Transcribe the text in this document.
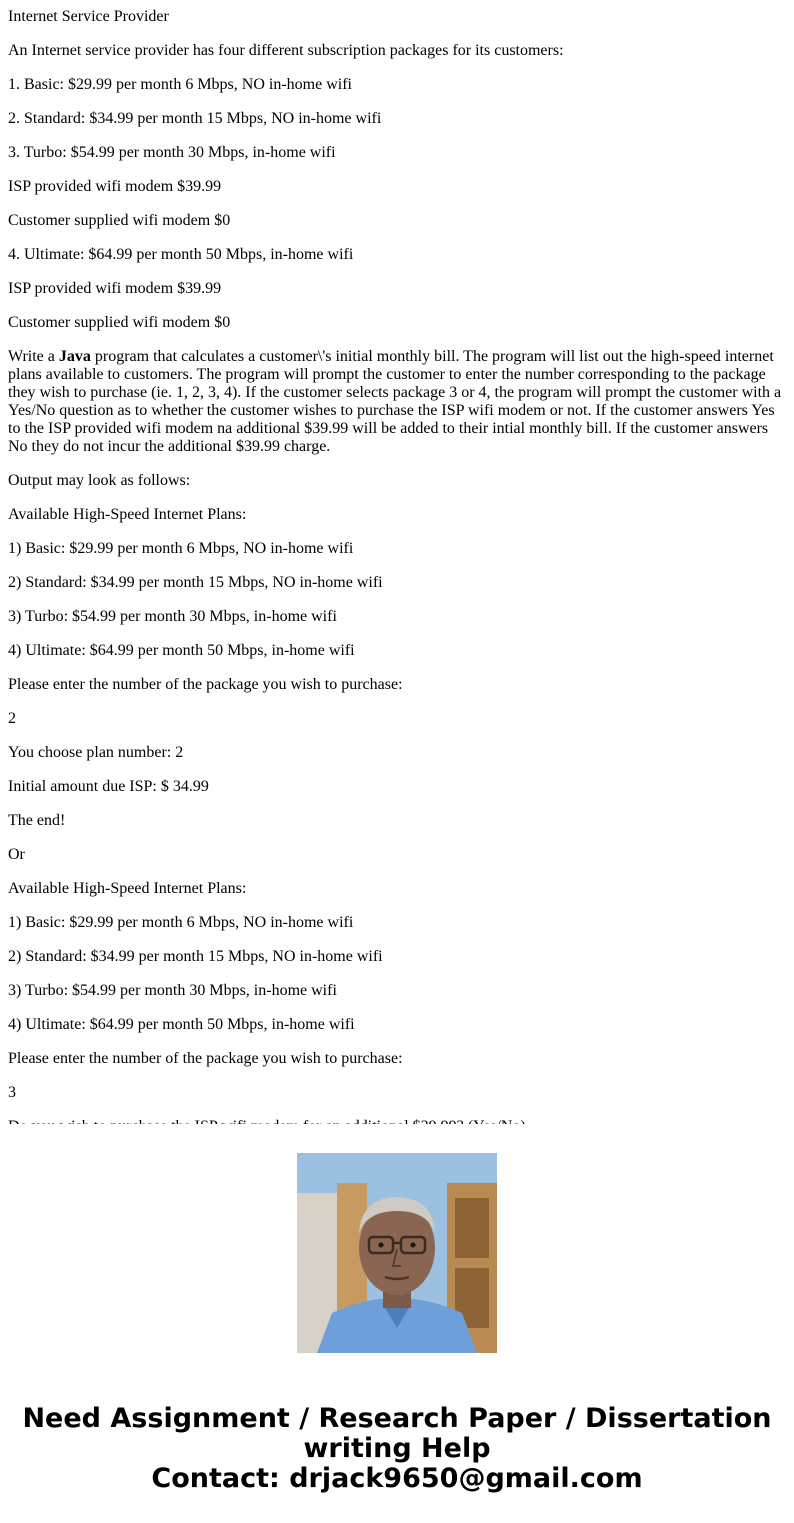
Internet Service Provider

An Internet service provider has four different subscription packages for its customers:

1. Basic: $29.99 per month 6 Mbps, NO in-home wifi

2. Standard: $34.99 per month 15 Mbps, NO in-home wifi

3. Turbo: $54.99 per month 30 Mbps, in-home wifi

ISP provided wifi modem $39.99

Customer supplied wifi modem $0

4. Ultimate: $64.99 per month 50 Mbps, in-home wifi

ISP provided wifi modem $39.99

Customer supplied wifi modem $0

Write a Java program that calculates a customer\'s initial monthly bill. The program will list out the high-speed internet plans available to customers. The program will prompt the customer to enter the number corresponding to the package they wish to purchase (ie. 1, 2, 3, 4). If the customer selects package 3 or 4, the program will prompt the customer with a Yes/No question as to whether the customer wishes to purchase the ISP wifi modem or not. If the customer answers Yes to the ISP provided wifi modem na additional $39.99 will be added to their intial monthly bill. If the customer answers No they do not incur the additional $39.99 charge.

Output may look as follows:

Available High-Speed Internet Plans:

1) Basic: $29.99 per month 6 Mbps, NO in-home wifi

2) Standard: $34.99 per month 15 Mbps, NO in-home wifi

3) Turbo: $54.99 per month 30 Mbps, in-home wifi

4) Ultimate: $64.99 per month 50 Mbps, in-home wifi

Please enter the number of the package you wish to purchase:

2

You choose plan number: 2

Initial amount due ISP: $ 34.99

The end!

Or

Available High-Speed Internet Plans:

1) Basic: $29.99 per month 6 Mbps, NO in-home wifi

2) Standard: $34.99 per month 15 Mbps, NO in-home wifi

3) Turbo: $54.99 per month 30 Mbps, in-home wifi

4) Ultimate: $64.99 per month 50 Mbps, in-home wifi

Please enter the number of the package you wish to purchase:

3

Need Assignment / Research Paper / Dissertation
writing Help
Contact: drjack9650@gmail.com
